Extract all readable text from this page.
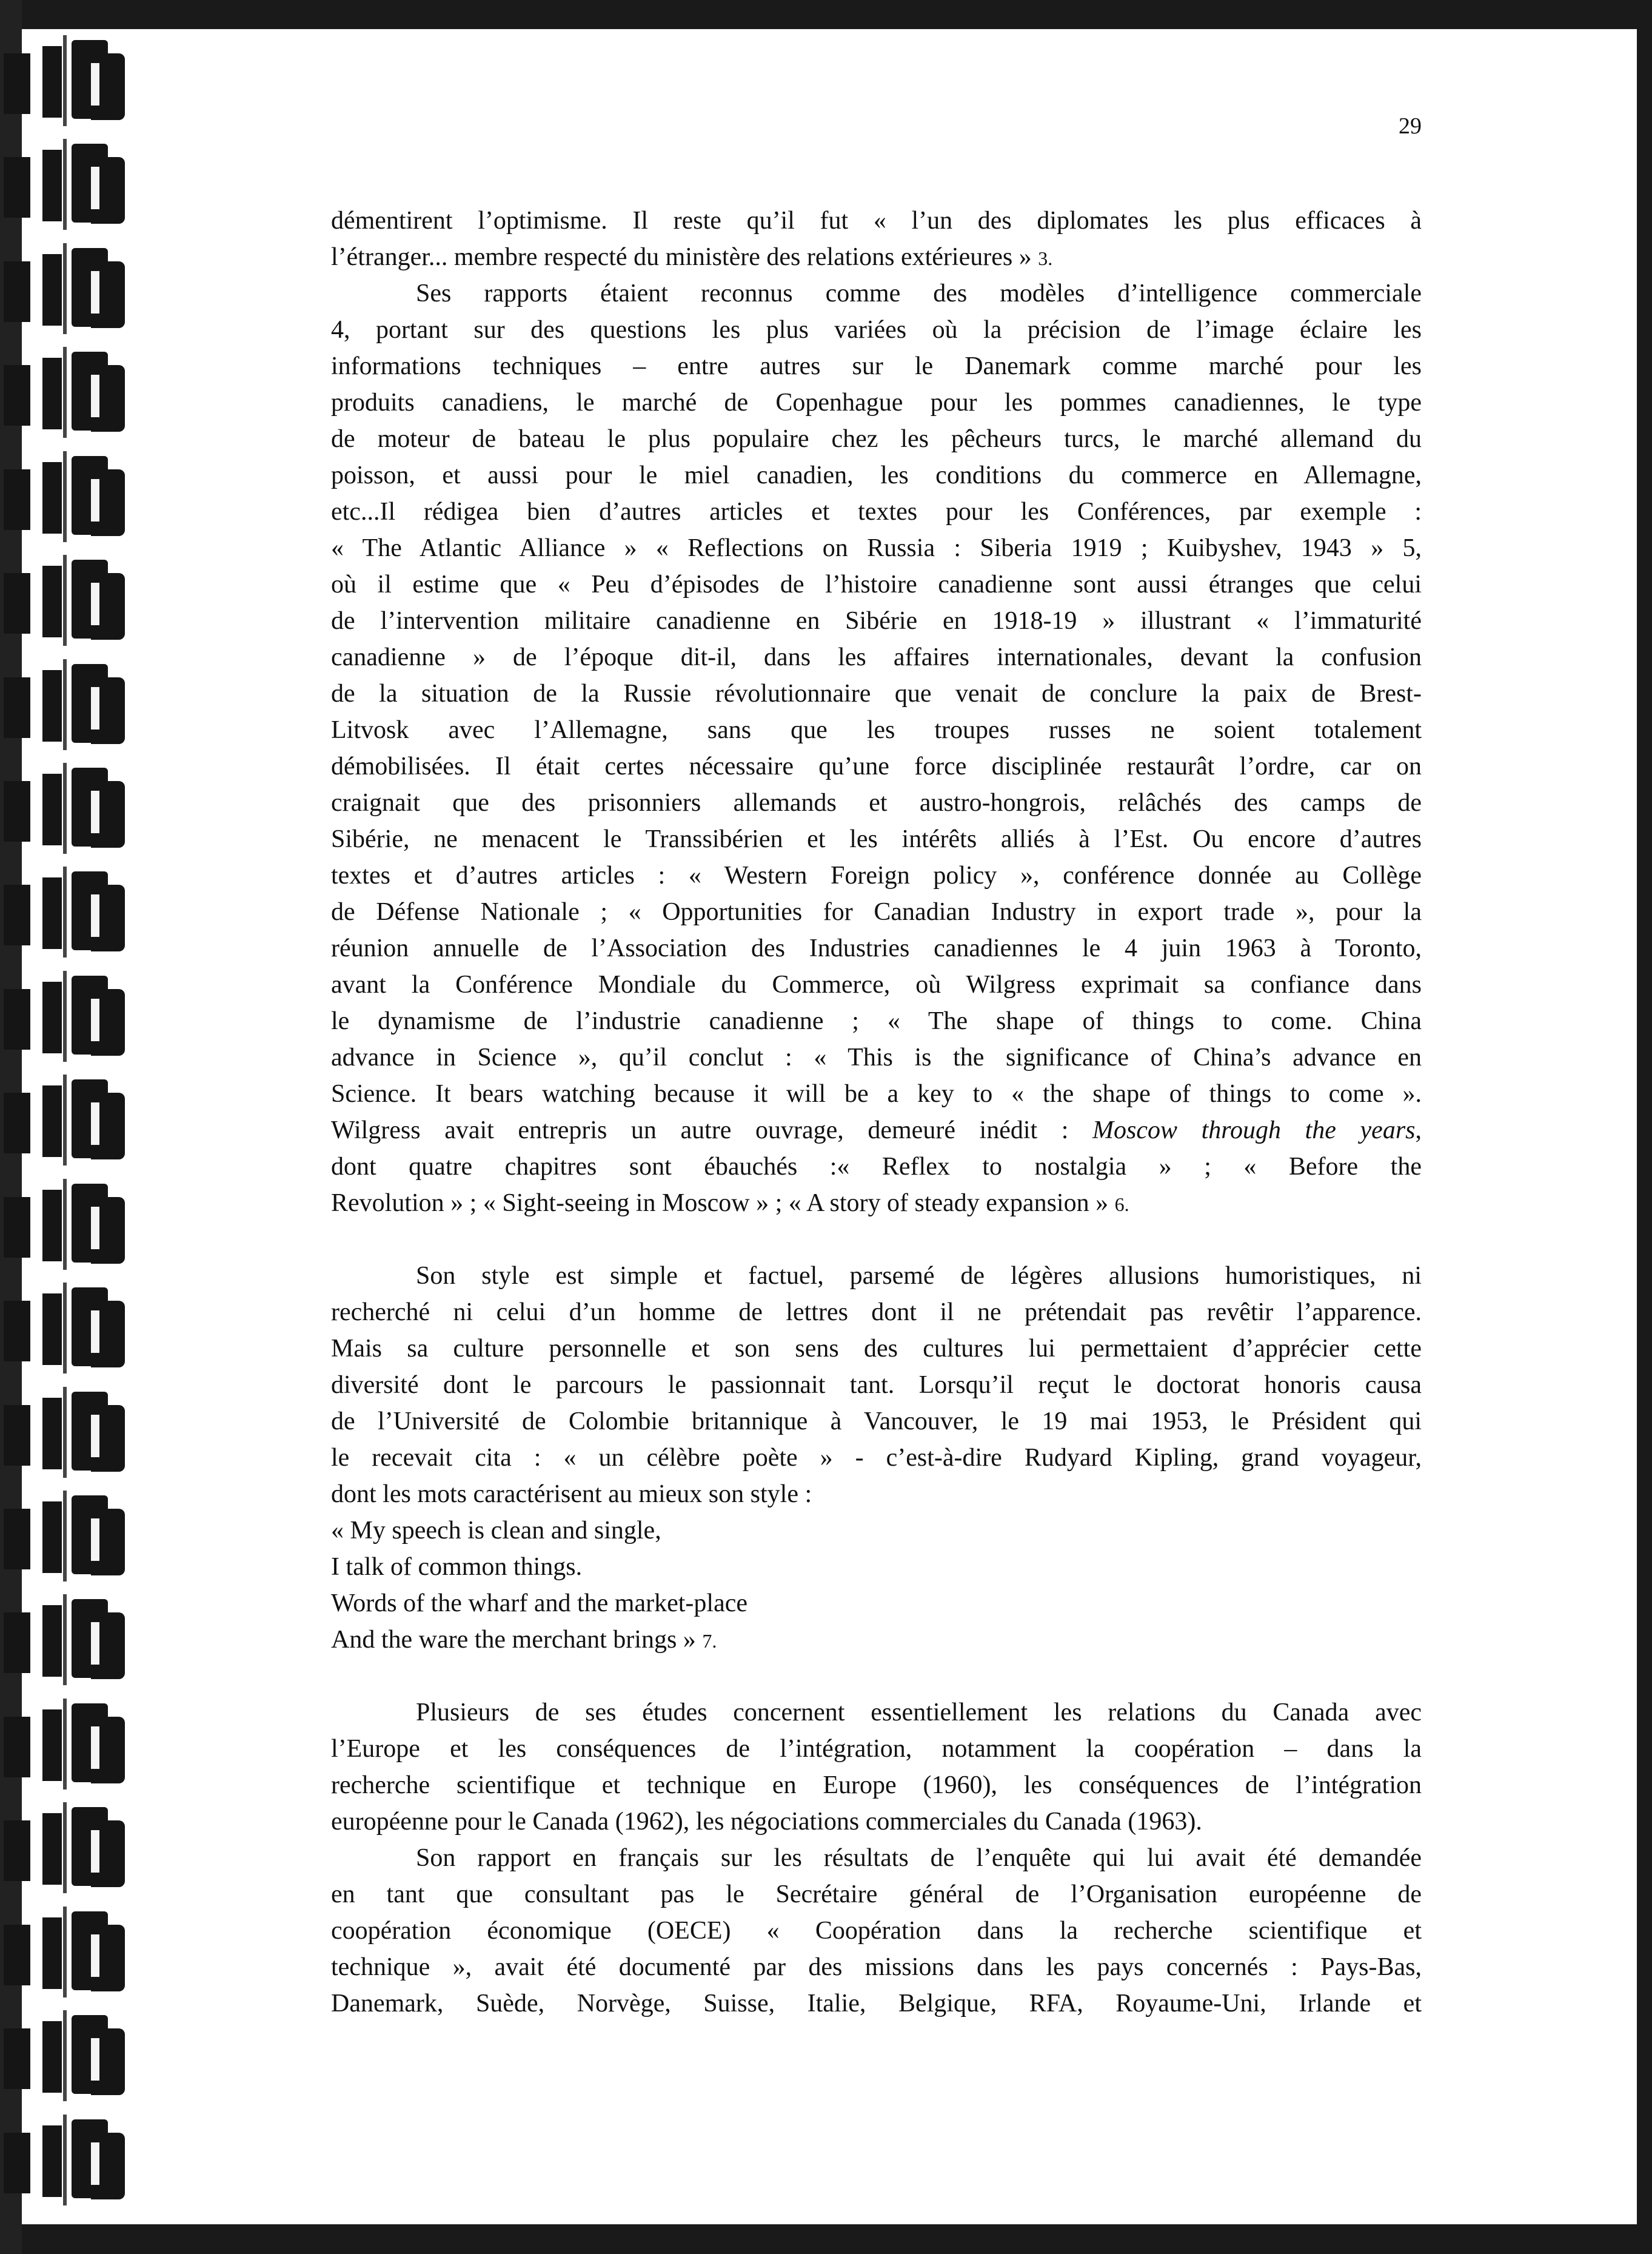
29
démentirent l’optimisme. Il reste qu’il fut « l’un des diplomates les plus efficaces à
l’étranger... membre respecté du ministère des relations extérieures » 3.
Ses rapports étaient reconnus comme des modèles d’intelligence commerciale
4, portant sur des questions les plus variées où la précision de l’image éclaire les
informations techniques – entre autres sur le Danemark comme marché pour les
produits canadiens, le marché de Copenhague pour les pommes canadiennes, le type
de moteur de bateau le plus populaire chez les pêcheurs turcs, le marché allemand du
poisson, et aussi pour le miel canadien, les conditions du commerce en Allemagne,
etc...Il rédigea bien d’autres articles et textes pour les Conférences, par exemple :
« The Atlantic Alliance » « Reflections on Russia : Siberia 1919 ; Kuibyshev, 1943 » 5,
où il estime que « Peu d’épisodes de l’histoire canadienne sont aussi étranges que celui
de l’intervention militaire canadienne en Sibérie en 1918-19 » illustrant « l’immaturité
canadienne » de l’époque dit-il, dans les affaires internationales, devant la confusion
de la situation de la Russie révolutionnaire que venait de conclure la paix de Brest-
Litvosk avec l’Allemagne, sans que les troupes russes ne soient totalement
démobilisées. Il était certes nécessaire qu’une force disciplinée restaurât l’ordre, car on
craignait que des prisonniers allemands et austro-hongrois, relâchés des camps de
Sibérie, ne menacent le Transsibérien et les intérêts alliés à l’Est. Ou encore d’autres
textes et d’autres articles : « Western Foreign policy », conférence donnée au Collège
de Défense Nationale ; « Opportunities for Canadian Industry in export trade », pour la
réunion annuelle de l’Association des Industries canadiennes le 4 juin 1963 à Toronto,
avant la Conférence Mondiale du Commerce, où Wilgress exprimait sa confiance dans
le dynamisme de l’industrie canadienne ; « The shape of things to come. China
advance in Science », qu’il conclut : « This is the significance of China’s advance en
Science. It bears watching because it will be a key to « the shape of things to come ».
Wilgress avait entrepris un autre ouvrage, demeuré inédit : Moscow through the years,
dont quatre chapitres sont ébauchés :« Reflex to nostalgia » ; « Before the
Revolution » ; « Sight-seeing in Moscow » ; « A story of steady expansion » 6.
Son style est simple et factuel, parsemé de légères allusions humoristiques, ni
recherché ni celui d’un homme de lettres dont il ne prétendait pas revêtir l’apparence.
Mais sa culture personnelle et son sens des cultures lui permettaient d’apprécier cette
diversité dont le parcours le passionnait tant. Lorsqu’il reçut le doctorat honoris causa
de l’Université de Colombie britannique à Vancouver, le 19 mai 1953, le Président qui
le recevait cita : « un célèbre poète » - c’est-à-dire Rudyard Kipling, grand voyageur,
dont les mots caractérisent au mieux son style :
« My speech is clean and single,
I talk of common things.
Words of the wharf and the market-place
And the ware the merchant brings » 7.
Plusieurs de ses études concernent essentiellement les relations du Canada avec
l’Europe et les conséquences de l’intégration, notamment la coopération – dans la
recherche scientifique et technique en Europe (1960), les conséquences de l’intégration
européenne pour le Canada (1962), les négociations commerciales du Canada (1963).
Son rapport en français sur les résultats de l’enquête qui lui avait été demandée
en tant que consultant pas le Secrétaire général de l’Organisation européenne de
coopération économique (OECE) « Coopération dans la recherche scientifique et
technique », avait été documenté par des missions dans les pays concernés : Pays-Bas,
Danemark, Suède, Norvège, Suisse, Italie, Belgique, RFA, Royaume-Uni, Irlande et
